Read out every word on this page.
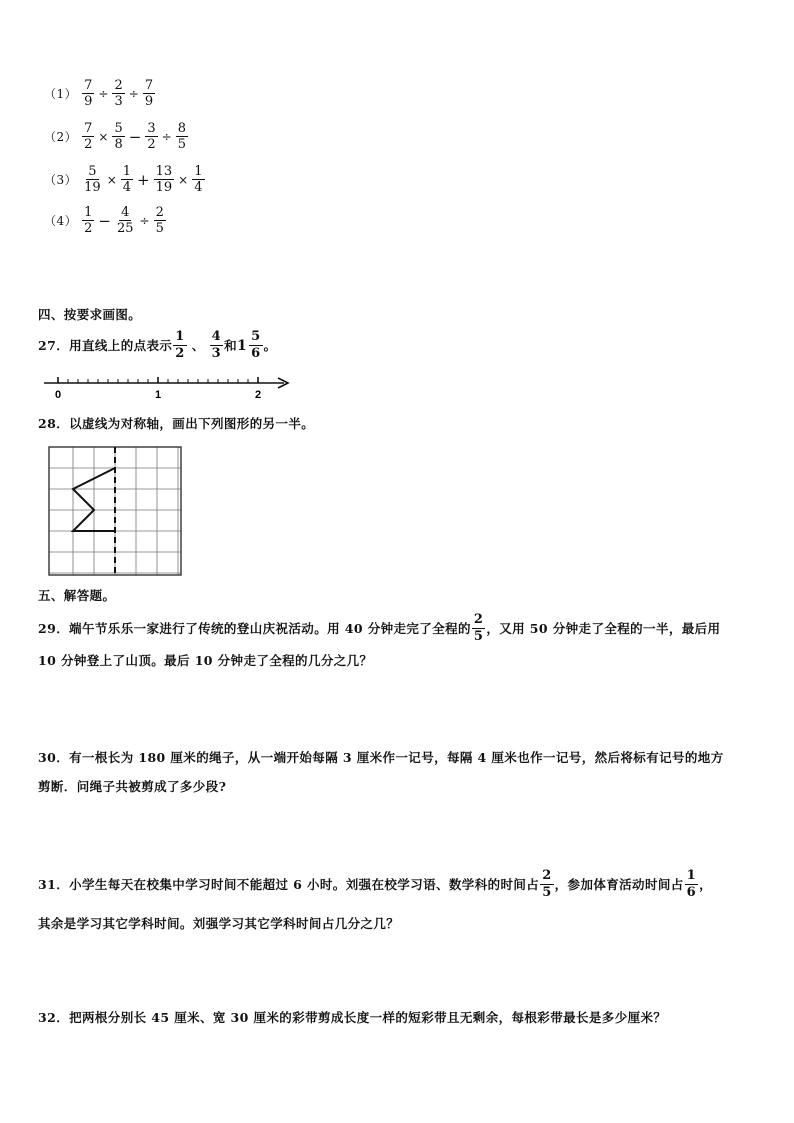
$(1) \frac{7}{9} \div \frac{2}{3} \div \frac{7}{9}$
$(2) \frac{7}{2} \times \frac{5}{8} - \frac{3}{2} \div \frac{8}{5}$
$(3) \frac{5}{19} \times \frac{1}{4} + \frac{13}{19} \times \frac{1}{4}$
$(4) \frac{1}{2} - \frac{4}{25} \div \frac{2}{5}$
四、按要求画图。
27．用直线上的点表示 $\frac{1}{2}$ 、 $\frac{4}{3}$ 和 $1 \frac{5}{6}$ 。
0	1	2
28．以虚线为对称轴，画出下列图形的另一半。
五、解答题。
29．端午节乐乐一家进行了传统的登山庆祝活动。用 40 分钟走完了全程的 $\frac{2}{5}$ ，又用 50 分钟走了全程的一半，最后用
10 分钟登上了山顶。最后 10 分钟走了全程的几分之几？
30．有一根长为 180 厘米的绳子，从一端开始每隔 3 厘米作一记号，每隔 4 厘米也作一记号，然后将标有记号的地方
剪断．问绳子共被剪成了多少段?
31．小学生每天在校集中学习时间不能超过 6 小时。刘强在校学习语、数学科的时间占 $\frac{2}{5}$ ，参加体育活动时间占 $\frac{1}{6}$ ，
其余是学习其它学科时间。刘强学习其它学科时间占几分之几？
32．把两根分别长 45 厘米、宽 30 厘米的彩带剪成长度一样的短彩带且无剩余，每根彩带最长是多少厘米？
